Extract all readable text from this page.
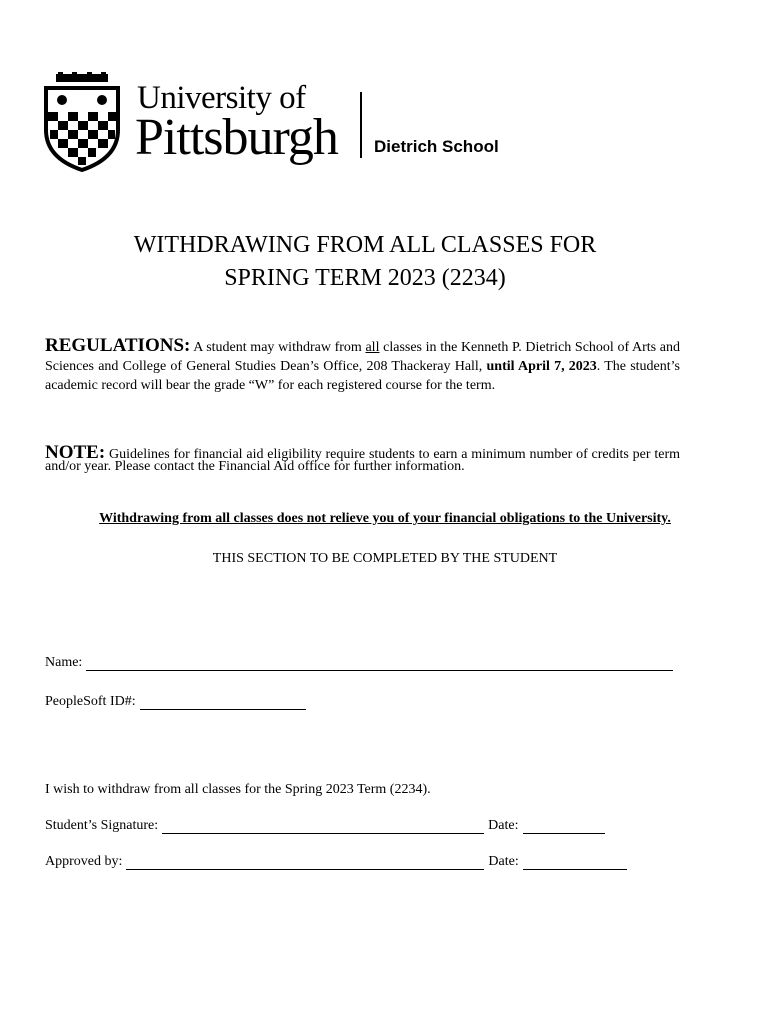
University of
Pittsburgh Dietrich School
WITHDRAWING FROM ALL CLASSES FOR
SPRING TERM 2023 (2234)
REGULATIONS: A student may withdraw from all classes in the Kenneth P. Dietrich School of Arts and Sciences and College of General Studies Dean’s Office, 208 Thackeray Hall, until April 7, 2023. The student’s academic record will bear the grade “W” for each registered course for the term.
NOTE: Guidelines for financial aid eligibility require students to earn a minimum number of credits per term and/or year. Please contact the Financial Aid office for further information.
Withdrawing from all classes does not relieve you of your financial obligations to the University.
THIS SECTION TO BE COMPLETED BY THE STUDENT
Name:
PeopleSoft ID#:
I wish to withdraw from all classes for the Spring 2023 Term (2234).
Student’s Signature:	Date:
Approved by:	Date:
